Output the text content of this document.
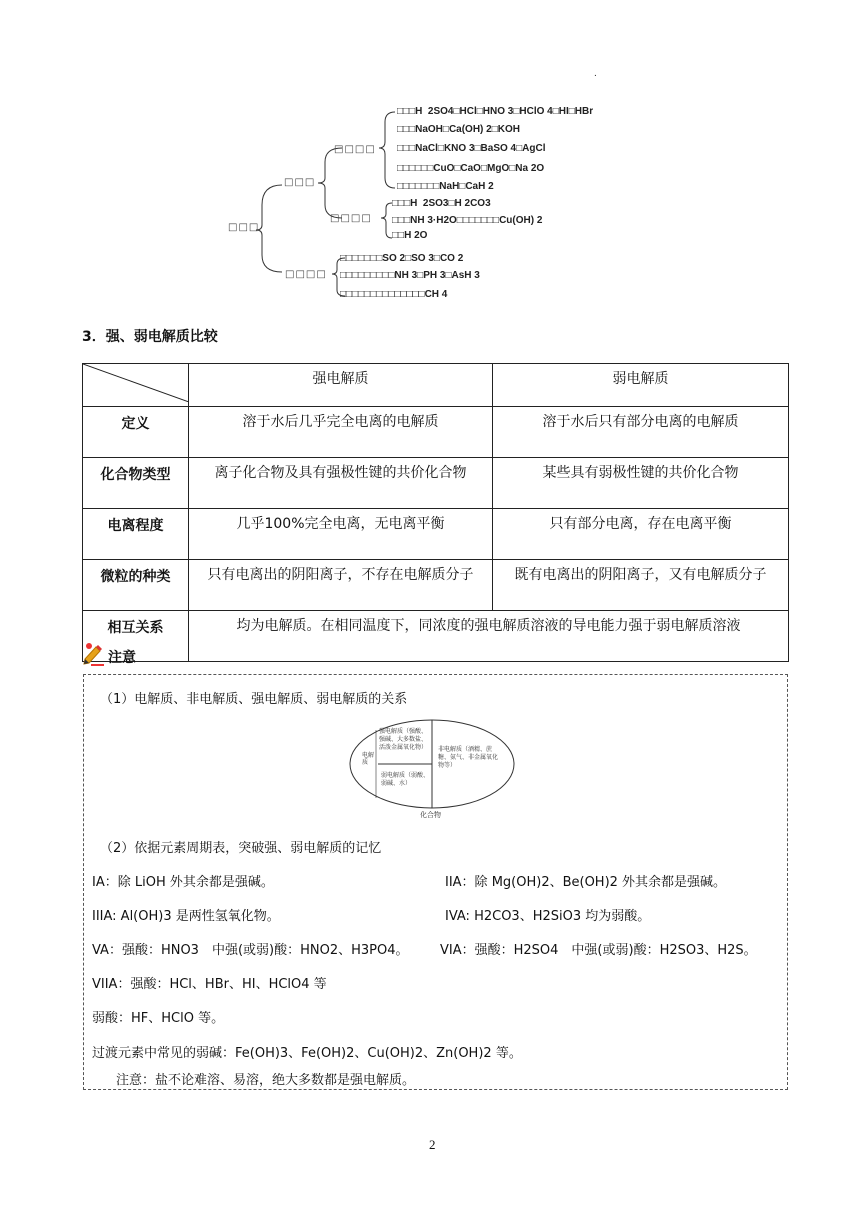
□□□
□□□
□□□□
□□□□
□□□□
.
□□□H 2SO4□HCl□HNO 3□HClO 4□HI□HBr
□□□NaOH□Ca(OH) 2□KOH
□□□NaCl□KNO 3□BaSO 4□AgCl
□□□□□□CuO□CaO□MgO□Na 2O
□□□□□□□NaH□CaH 2
□□□H 2SO3□H 2CO3
□□□NH 3·H2O□□□□□□□Cu(OH) 2
□□H 2O
□□□□□□□SO 2□SO 3□CO 2
□□□□□□□□□NH 3□PH 3□AsH 3
□□□□□□□□□□□□□□CH 4
3．强、弱电解质比较
	强电解质	弱电解质
定义	溶于水后几乎完全电离的电解质	溶于水后只有部分电离的电解质
化合物类型	离子化合物及具有强极性键的共价化合物	某些具有弱极性键的共价化合物
电离程度	几乎100%完全电离，无电离平衡	只有部分电离，存在电离平衡
微粒的种类	只有电离出的阴阳离子，不存在电解质分子	既有电离出的阴阳离子，又有电解质分子
相互关系	均为电解质。在相同温度下，同浓度的强电解质溶液的导电能力强于弱电解质溶液	
注意
（1）电解质、非电解质、强电解质、弱电解质的关系
强电解质（强酸、强碱、大多数盐、活泼金属氧化物）
电解质
弱电解质（弱酸、弱碱、水）
非电解质（酒精、蔗糖、氨气、非金属氧化物等）
化合物
（2）依据元素周期表，突破强、弱电解质的记忆
IA：除 LiOH 外其余都是强碱。	IIA：除 Mg(OH)2、Be(OH)2 外其余都是强碱。
IIIA: Al(OH)3 是两性氢氧化物。	IVA: H2CO3、H2SiO3 均为弱酸。
VA：强酸：HNO3　中强(或弱)酸：HNO2、H3PO4。 VIA：强酸：H2SO4　中强(或弱)酸：H2SO3、H2S。
VIIA：强酸：HCl、HBr、HI、HClO4 等
弱酸：HF、HClO 等。
过渡元素中常见的弱碱：Fe(OH)3、Fe(OH)2、Cu(OH)2、Zn(OH)2 等。
注意：盐不论难溶、易溶，绝大多数都是强电解质。
2
